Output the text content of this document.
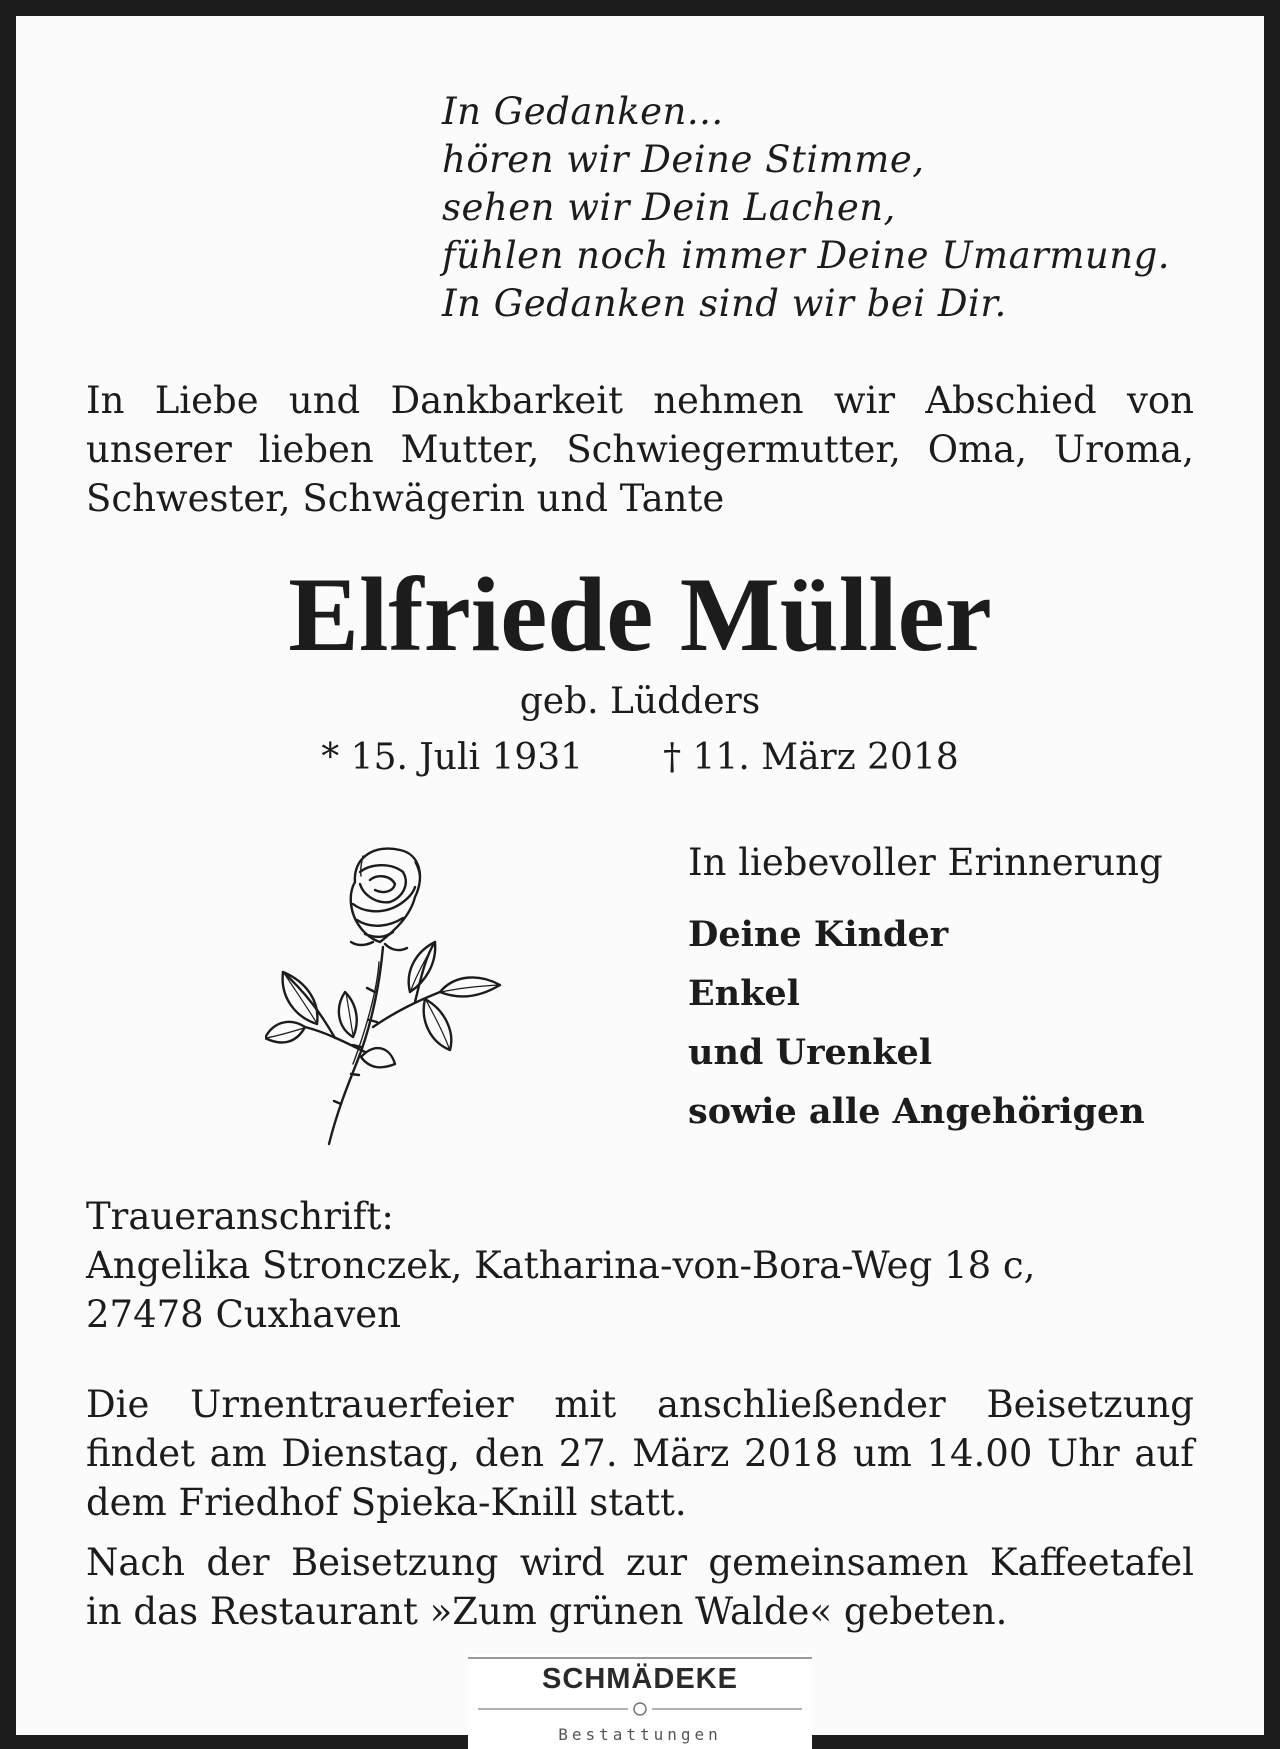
In Gedanken...
hören wir Deine Stimme,
sehen wir Dein Lachen,
fühlen noch immer Deine Umarmung.
In Gedanken sind wir bei Dir.
In Liebe und Dankbarkeit nehmen wir Abschied von
unserer lieben Mutter, Schwiegermutter, Oma, Uroma,
Schwester, Schwägerin und Tante
Elfriede Müller
geb. Lüdders
* 15. Juli 1931 † 11. März 2018
In liebevoller Erinnerung
Deine Kinder
Enkel
und Urenkel
sowie alle Angehörigen
Traueranschrift:
Angelika Stronczek, Katharina-von-Bora-Weg 18 c,
27478 Cuxhaven
Die Urnentrauerfeier mit anschließender Beisetzung
findet am Dienstag, den 27. März 2018 um 14.00 Uhr auf
dem Friedhof Spieka-Knill statt.
Nach der Beisetzung wird zur gemeinsamen Kaffeetafel
in das Restaurant »Zum grünen Walde« gebeten.
SCHMÄDEKE
Bestattungen
